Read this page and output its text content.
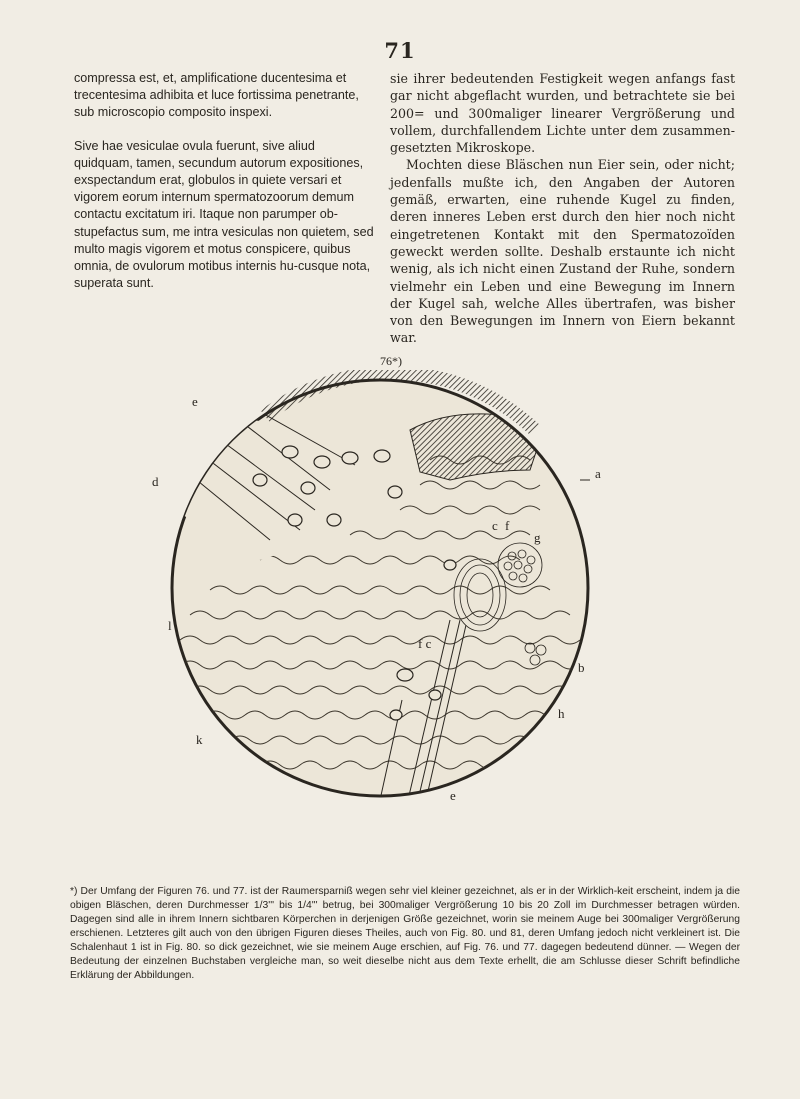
71

compressa est, et, amplificatione ducentesima et trecentesima adhibita et luce fortissima penetrante, sub microscopio composito inspexi.

Sive hae vesiculae ovula fuerunt, sive aliud quidquam, tamen, secundum autorum expositiones, exspectandum erat, globulos in quiete versari et vigorem eorum internum spermatozoorum demum contactu excitatum iri. Itaque non parumper ob-stupefactus sum, me intra vesiculas non quietem, sed multo magis vigorem et motus conspicere, quibus omnia, de ovulorum motibus internis hu-cusque nota, superata sunt.

sie ihrer bedeutenden Festigkeit wegen anfangs fast gar nicht abgeflacht wurden, und betrachtete sie bei 200= und 300maliger linearer Vergrößerung und vollem, durchfallendem Lichte unter dem zusammen-gesetzten Mikroskope.

Mochten diese Bläschen nun Eier sein, oder nicht; jedenfalls mußte ich, den Angaben der Autoren gemäß, erwarten, eine ruhende Kugel zu finden, deren inneres Leben erst durch den hier noch nicht eingetretenen Kontakt mit den Spermatozoïden geweckt werden sollte. Deshalb erstaunte ich nicht wenig, als ich nicht einen Zustand der Ruhe, sondern vielmehr ein Leben und eine Bewegung im Innern der Kugel sah, welche Alles übertrafen, was bisher von den Bewegungen im Innern von Eiern bekannt war.

76*)
e
d
a
g
f c
b
h
l
k
e
c f
*) Der Umfang der Figuren 76. und 77. ist der Raumersparniß wegen sehr viel kleiner gezeichnet, als er in der Wirklich-keit erscheint, indem ja die obigen Bläschen, deren Durchmesser 1/3''' bis 1/4''' betrug, bei 300maliger Vergrößerung 10 bis 20 Zoll im Durchmesser betragen würden. Dagegen sind alle in ihrem Innern sichtbaren Körperchen in derjenigen Größe gezeichnet, worin sie meinem Auge bei 300maliger Vergrößerung erschienen. Letzteres gilt auch von den übrigen Figuren dieses Theiles, auch von Fig. 80. und 81, deren Umfang jedoch nicht verkleinert ist. Die Schalenhaut 1 ist in Fig. 80. so dick gezeichnet, wie sie meinem Auge erschien, auf Fig. 76. und 77. dagegen bedeutend dünner. — Wegen der Bedeutung der einzelnen Buchstaben vergleiche man, so weit dieselbe nicht aus dem Texte erhellt, die am Schlusse dieser Schrift befindliche Erklärung der Abbildungen.
